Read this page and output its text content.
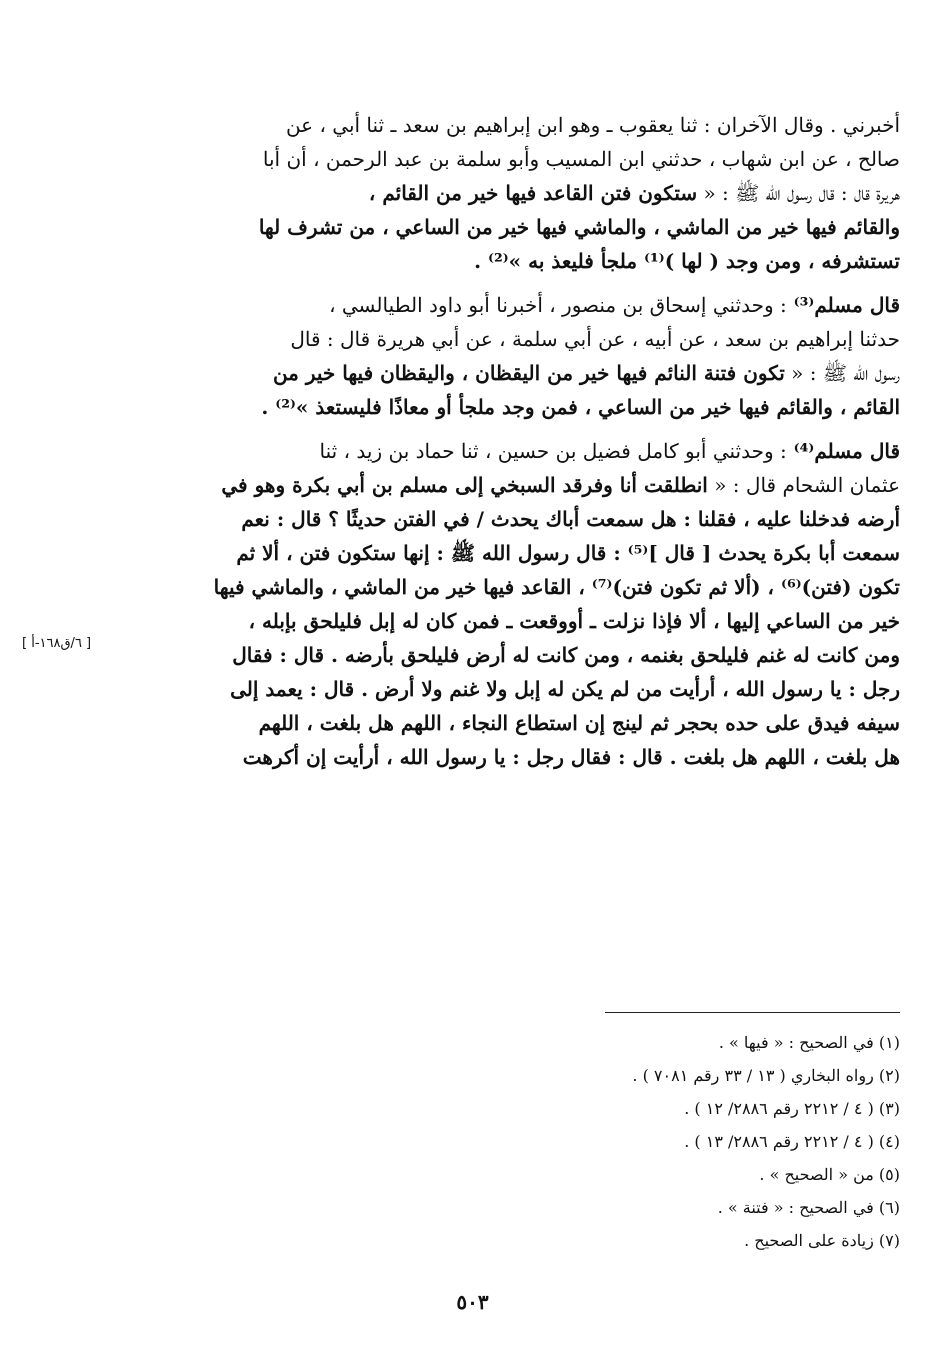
أخبرني . وقال الآخران : ثنا يعقوب ـ وهو ابن إبراهيم بن سعد ـ ثنا أبي ، عن
صالح ، عن ابن شهاب ، حدثني ابن المسيب وأبو سلمة بن عبد الرحمن ، أن أبا
هريرة قال : قال رسول الله ﷺ : « ستكون فتن القاعد فيها خير من القائم ،
والقائم فيها خير من الماشي ، والماشي فيها خير من الساعي ، من تشرف لها
تستشرفه ، ومن وجد ( لها )⁽¹⁾ ملجأ فليعذ به »⁽²⁾ .
قال مسلم⁽³⁾ : وحدثني إسحاق بن منصور ، أخبرنا أبو داود الطيالسي ،
حدثنا إبراهيم بن سعد ، عن أبيه ، عن أبي سلمة ، عن أبي هريرة قال : قال
رسول الله ﷺ : « تكون فتنة النائم فيها خير من اليقظان ، واليقظان فيها خير من
القائم ، والقائم فيها خير من الساعي ، فمن وجد ملجأ أو معاذًا فليستعذ »⁽²⁾ .
قال مسلم⁽⁴⁾ : وحدثني أبو كامل فضيل بن حسين ، ثنا حماد بن زيد ، ثنا
عثمان الشحام قال : « انطلقت أنا وفرقد السبخي إلى مسلم بن أبي بكرة وهو في
أرضه فدخلنا عليه ، فقلنا : هل سمعت أباك يحدث / في الفتن حديثًا ؟ قال : نعم
سمعت أبا بكرة يحدث [ قال ]⁽⁵⁾ : قال رسول الله ﷺ : إنها ستكون فتن ، ألا ثم
تكون (فتن)⁽⁶⁾ ، (ألا ثم تكون فتن)⁽⁷⁾ ، القاعد فيها خير من الماشي ، والماشي فيها
خير من الساعي إليها ، ألا فإذا نزلت ـ أووقعت ـ فمن كان له إبل فليلحق بإبله ،
ومن كانت له غنم فليلحق بغنمه ، ومن كانت له أرض فليلحق بأرضه . قال : فقال
رجل : يا رسول الله ، أرأيت من لم يكن له إبل ولا غنم ولا أرض . قال : يعمد إلى
سيفه فيدق على حده بحجر ثم لينج إن استطاع النجاء ، اللهم هل بلغت ، اللهم
هل بلغت ، اللهم هل بلغت . قال : فقال رجل : يا رسول الله ، أرأيت إن أكرهت
[ ٦/ق١٦٨-أ ]
(١) في الصحيح : « فيها » .
(٢) رواه البخاري ( ١٣ / ٣٣ رقم ٧٠٨١ ) .
(٣) ( ٤ / ٢٢١٢ رقم ٢٨٨٦/ ١٢ ) .
(٤) ( ٤ / ٢٢١٢ رقم ٢٨٨٦/ ١٣ ) .
(٥) من « الصحيح » .
(٦) في الصحيح : « فتنة » .
(٧) زيادة على الصحيح .
٥٠٣
